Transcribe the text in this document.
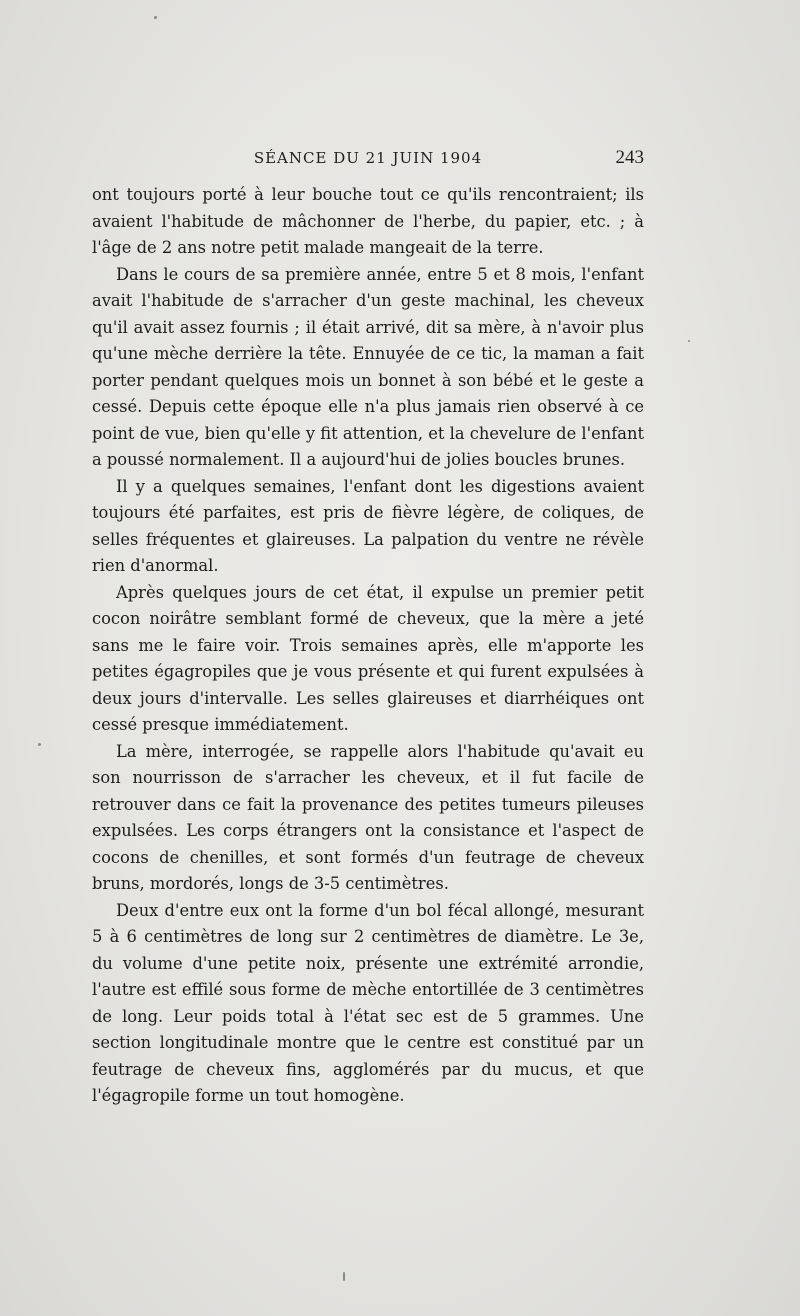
SÉANCE DU 21 JUIN 1904	243

ont toujours porté à leur bouche tout ce qu'ils rencontraient; ils avaient l'habitude de mâchonner de l'herbe, du papier, etc. ; à l'âge de 2 ans notre petit malade mangeait de la terre.

Dans le cours de sa première année, entre 5 et 8 mois, l'enfant avait l'habitude de s'arracher d'un geste machinal, les cheveux qu'il avait assez fournis ; il était arrivé, dit sa mère, à n'avoir plus qu'une mèche derrière la tête. Ennuyée de ce tic, la maman a fait porter pendant quelques mois un bonnet à son bébé et le geste a cessé. Depuis cette époque elle n'a plus jamais rien observé à ce point de vue, bien qu'elle y fit attention, et la chevelure de l'enfant a poussé normalement. Il a aujourd'hui de jolies boucles brunes.

Il y a quelques semaines, l'enfant dont les digestions avaient toujours été parfaites, est pris de fièvre légère, de coliques, de selles fréquentes et glaireuses. La palpation du ventre ne révèle rien d'anormal.

Après quelques jours de cet état, il expulse un premier petit cocon noirâtre semblant formé de cheveux, que la mère a jeté sans me le faire voir. Trois semaines après, elle m'apporte les petites égagropiles que je vous présente et qui furent expulsées à deux jours d'intervalle. Les selles glaireuses et diarrhéiques ont cessé presque immédiatement.

La mère, interrogée, se rappelle alors l'habitude qu'avait eu son nourrisson de s'arracher les cheveux, et il fut facile de retrouver dans ce fait la provenance des petites tumeurs pileuses expulsées. Les corps étrangers ont la consistance et l'aspect de cocons de chenilles, et sont formés d'un feutrage de cheveux bruns, mordorés, longs de 3-5 centimètres.

Deux d'entre eux ont la forme d'un bol fécal allongé, mesurant 5 à 6 centimètres de long sur 2 centimètres de diamètre. Le 3e, du volume d'une petite noix, présente une extrémité arrondie, l'autre est effilé sous forme de mèche entortillée de 3 centimètres de long. Leur poids total à l'état sec est de 5 grammes. Une section longitudinale montre que le centre est constitué par un feutrage de cheveux fins, agglomérés par du mucus, et que l'égagropile forme un tout homogène.
